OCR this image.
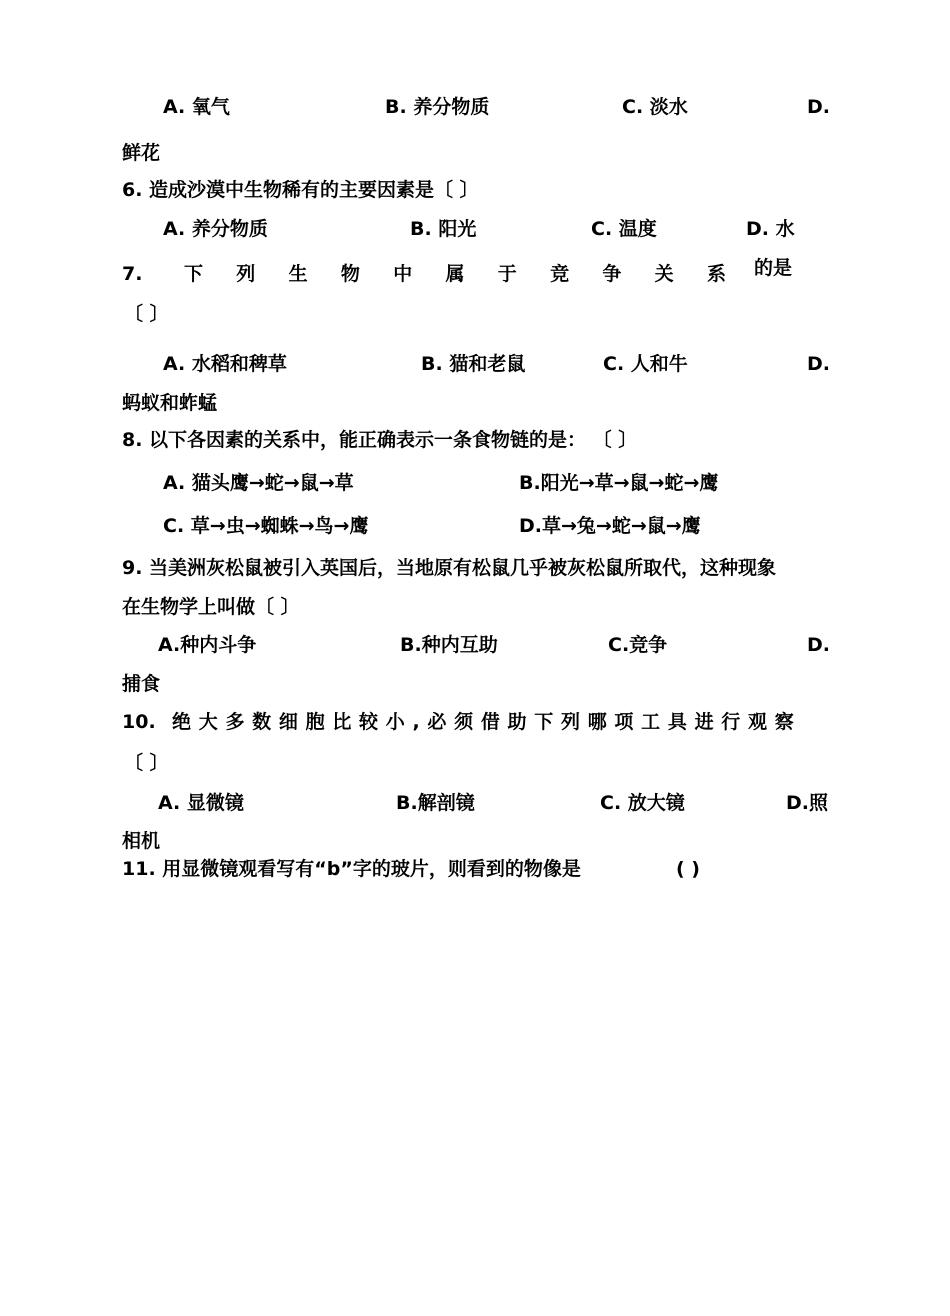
A. 氧气	B. 养分物质	C. 淡水	D.
鲜花
6. 造成沙漠中生物稀有的主要因素是〔 〕
A. 养分物质	B. 阳光	C. 温度	D. 水
7. 下 列 生 物 中 属 于 竞 争 关 系 的是
〔 〕
A. 水稻和稗草	B. 猫和老鼠	C. 人和牛	D.
蚂蚁和蚱蜢
8. 以下各因素的关系中，能正确表示一条食物链的是： 〔 〕
A. 猫头鹰→蛇→鼠→草	B.阳光→草→鼠→蛇→鹰
C. 草→虫→蜘蛛→鸟→鹰	D.草→兔→蛇→鼠→鹰
9. 当美洲灰松鼠被引入英国后，当地原有松鼠几乎被灰松鼠所取代，这种现象
在生物学上叫做〔 〕
A.种内斗争	B.种内互助	C.竞争	D.
捕食
10. 绝 大 多 数 细 胞 比 较 小 , 必 须 借 助 下 列 哪 项 工 具 进 行 观 察
〔 〕
A. 显微镜	B.解剖镜	C. 放大镜	D.照
相机
11. 用显微镜观看写有“b”字的玻片，则看到的物像是	( )
